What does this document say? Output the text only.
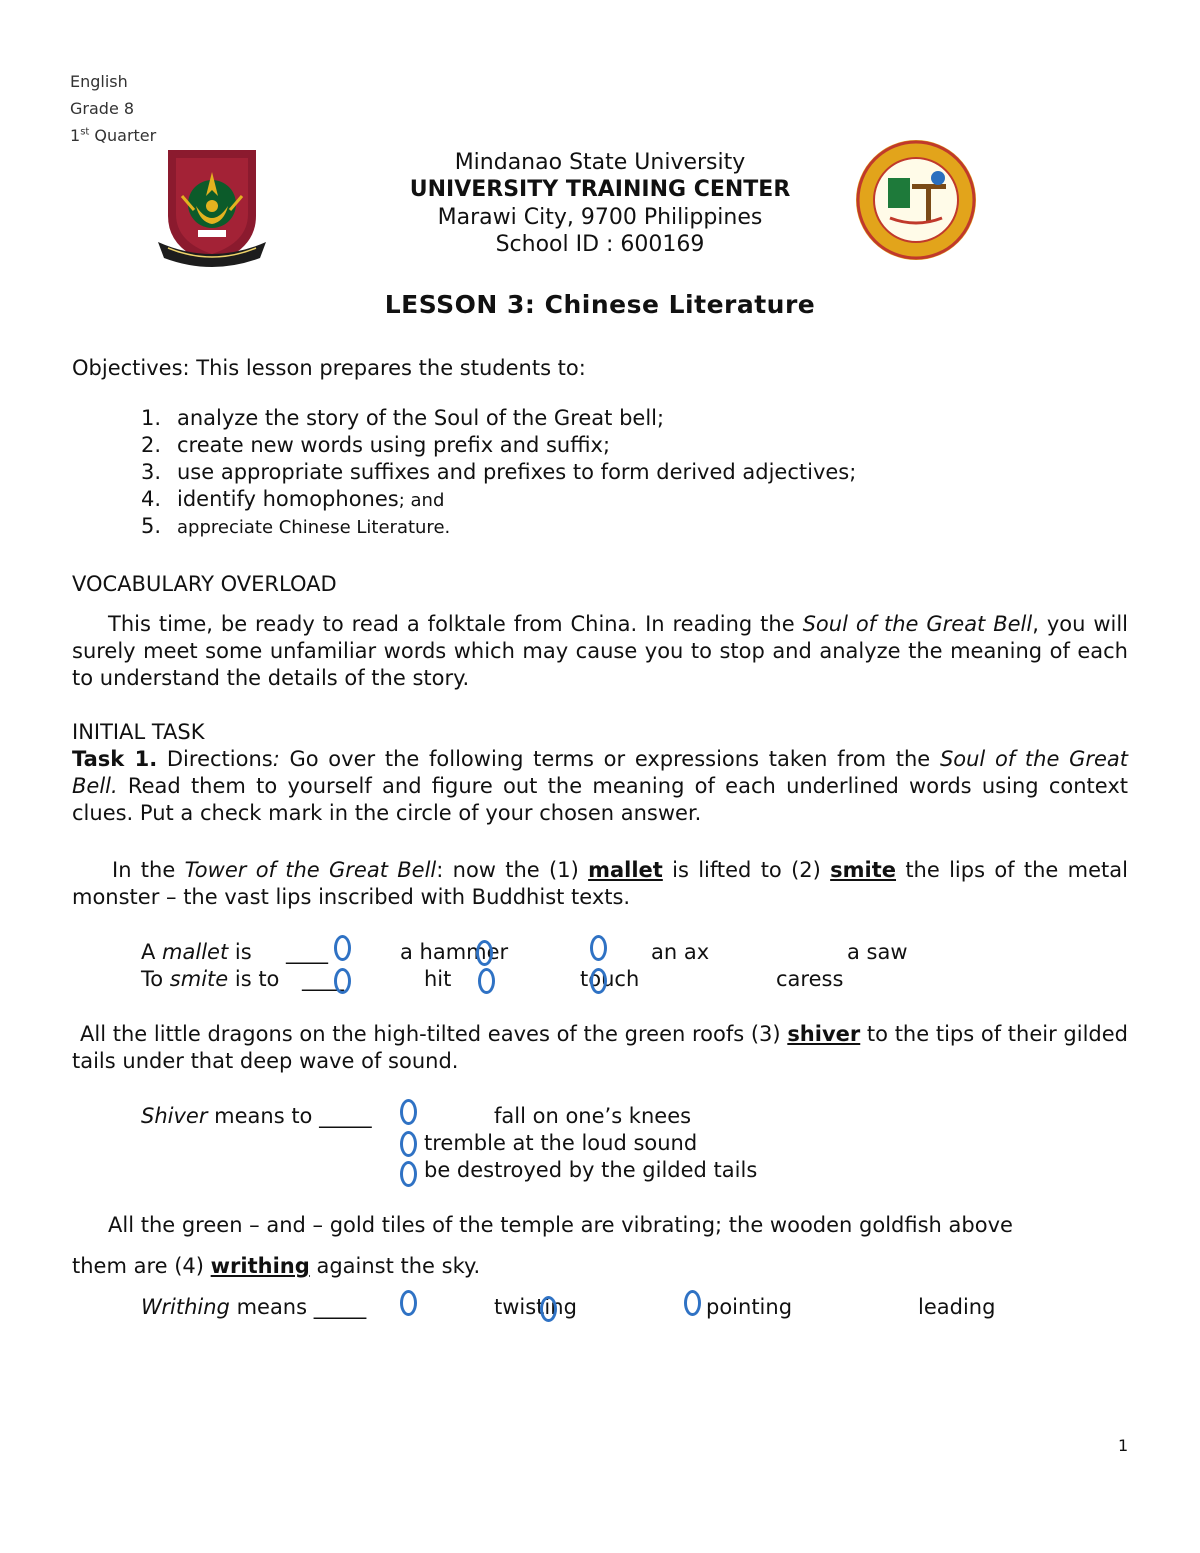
English
Grade 8
1st Quarter
Mindanao State University
UNIVERSITY TRAINING CENTER
Marawi City, 9700 Philippines
School ID : 600169
LESSON 3: Chinese Literature
Objectives: This lesson prepares the students to:
1. analyze the story of the Soul of the Great bell;
2. create new words using prefix and suffix;
3. use appropriate suffixes and prefixes to form derived adjectives;
4. identify homophones; and
5. appreciate Chinese Literature.
VOCABULARY OVERLOAD
This time, be ready to read a folktale from China. In reading the Soul of the Great Bell, you will surely meet some unfamiliar words which may cause you to stop and analyze the meaning of each to understand the details of the story.
INITIAL TASK
Task 1. Directions: Go over the following terms or expressions taken from the Soul of the Great Bell. Read them to yourself and figure out the meaning of each underlined words using context clues. Put a check mark in the circle of your chosen answer.
In the Tower of the Great Bell: now the (1) mallet is lifted to (2) smite the lips of the metal monster – the vast lips inscribed with Buddhist texts.
A mallet is ____	a hammer	an ax	a saw
To smite is to ____	hit	touch	caress
All the little dragons on the high-tilted eaves of the green roofs (3) shiver to the tips of their gilded tails under that deep wave of sound.
Shiver means to _____	fall on one’s knees
tremble at the loud sound
be destroyed by the gilded tails
All the green – and – gold tiles of the temple are vibrating; the wooden goldfish above
them are (4) writhing against the sky.
Writhing means _____	twisting	pointing	leading
1
